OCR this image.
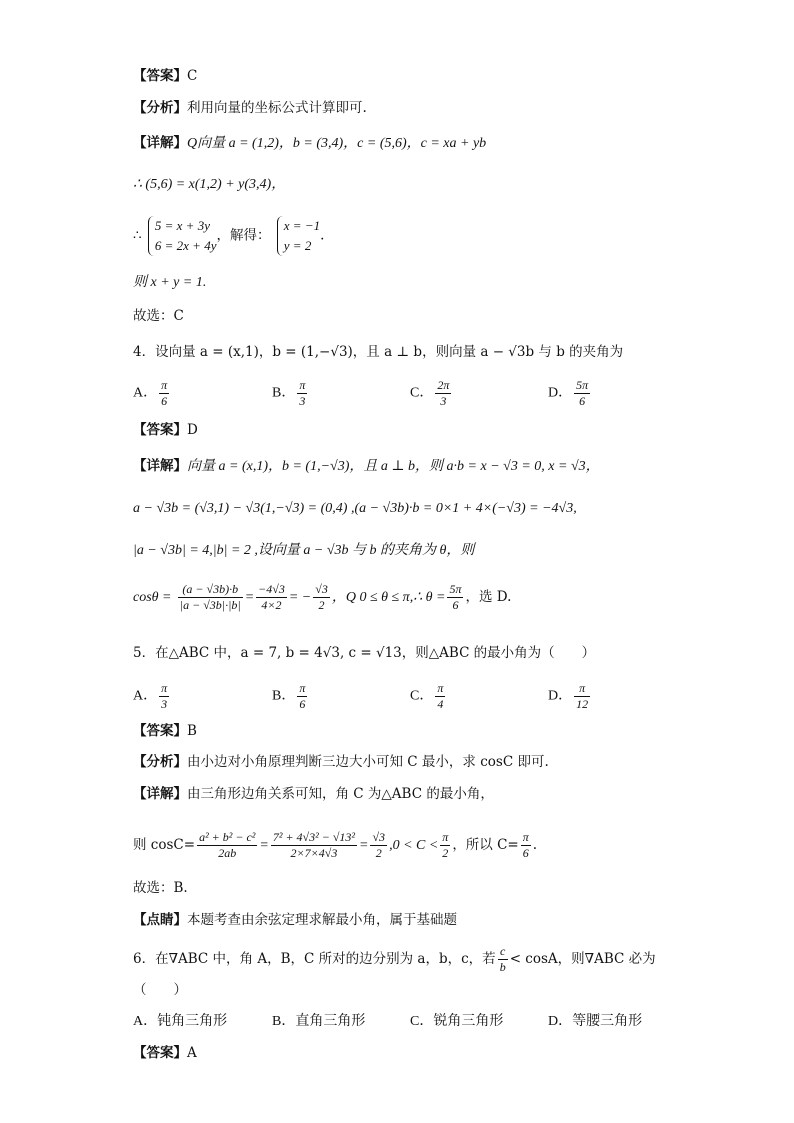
【答案】C
【分析】利用向量的坐标公式计算即可.
【详解】Q向量 a = (1,2)，b = (3,4)，c = (5,6)，c = xa + yb
∴ (5,6) = x(1,2) + y(3,4)，
∴
5 = x + 3y
6 = 2x + 4y
，解得：
x = −1
y = 2
.
则 x + y = 1.
故选：C
4．设向量 a = (x,1)，b = (1,−√3)，且 a ⊥ b，则向量 a − √3b 与 b 的夹角为
A． $\frac{\pi}{6}$	B． $\frac{\pi}{3}$	C． $\frac{2\pi}{3}$	D． $\frac{5\pi}{6}$
【答案】D
【详解】向量 a = (x,1)，b = (1,−√3)，且 a ⊥ b，则 a·b = x − √3 = 0, x = √3，
a − √3b = (√3,1) − √3(1,−√3) = (0,4) ,(a − √3b)·b = 0×1 + 4×(−√3) = −4√3,
|a − √3b| = 4,|b| = 2 ,设向量 a − √3b 与 b 的夹角为 θ，则
$\cos\theta = \frac{(a - √3b)\cdot b}{|a - √3b|\cdot|b|} = \frac{-4√3}{4\times 2}$ = − $\frac{√3}{2}$ ，Q 0 ≤ θ ≤ π,∴ $\theta = \frac{5\pi}{6}$ ，选 D.
5．在△ABC 中，a = 7, b = 4√3, c = √13，则△ABC 的最小角为（　　）
A． $\frac{\pi}{3}$	B． $\frac{\pi}{6}$	C． $\frac{\pi}{4}$	D． $\frac{\pi}{12}$
【答案】B
【分析】由小边对小角原理判断三边大小可知 C 最小，求 cosC 即可.
【详解】由三角形边角关系可知，角 C 为△ABC 的最小角，
则 $\cos C= \frac{\text{a² + b² − c²}}{2ab} = \frac{\text{7² + 4√3² − √13²}}{2\times 7\times 4√3} = \frac{√3}{2} ,0 < C < \frac{\pi}{2}$ ，所以 $C= \frac{\pi}{6}$ .
故选：B.
【点睛】本题考查由余弦定理求解最小角，属于基础题
6．在∇ABC 中，角 A，B，C 所对的边分别为 a，b，c，若 $\frac{c}{b} < \cos A$，则∇ABC 必为
（　　）
A．钝角三角形	B．直角三角形	C．锐角三角形	D．等腰三角形
【答案】A
